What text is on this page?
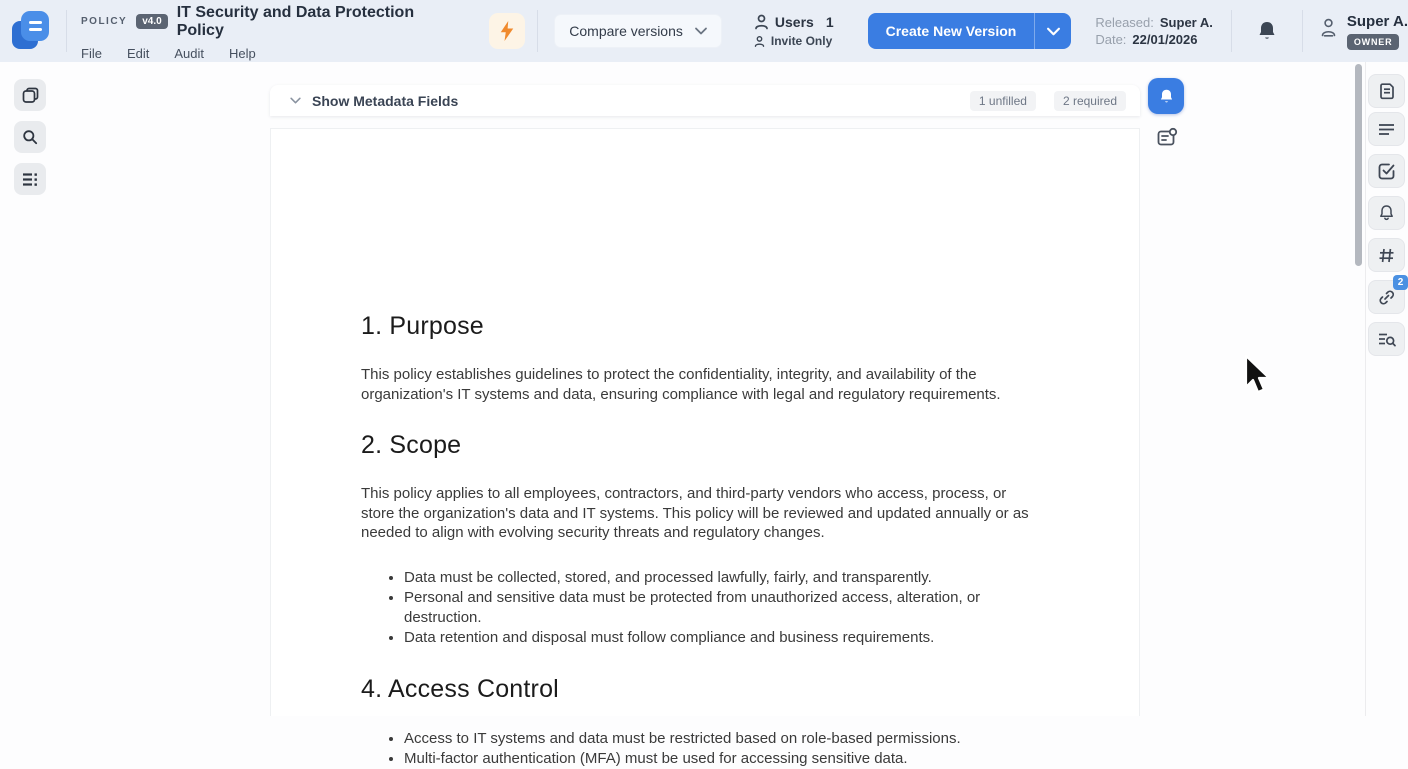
POLICY	v4.0
IT Security and Data Protection Policy
File Edit Audit Help
Compare versions
Users 1
Invite Only
Create New Version
Released: Super A.
Date: 22/01/2026
Super A.
OWNER
Show Metadata Fields	1 unfilled	2 required
1. Purpose

This policy establishes guidelines to protect the confidentiality, integrity, and availability of the organization's IT systems and data, ensuring compliance with legal and regulatory requirements.

2. Scope

This policy applies to all employees, contractors, and third-party vendors who access, process, or store the organization's data and IT systems. This policy will be reviewed and updated annually or as needed to align with evolving security threats and regulatory changes.

• Data must be collected, stored, and processed lawfully, fairly, and transparently.
• Personal and sensitive data must be protected from unauthorized access, alteration, or destruction.
• Data retention and disposal must follow compliance and business requirements.
4. Access Control
• Access to IT systems and data must be restricted based on role-based permissions.
• Multi-factor authentication (MFA) must be used for accessing sensitive data.
2
